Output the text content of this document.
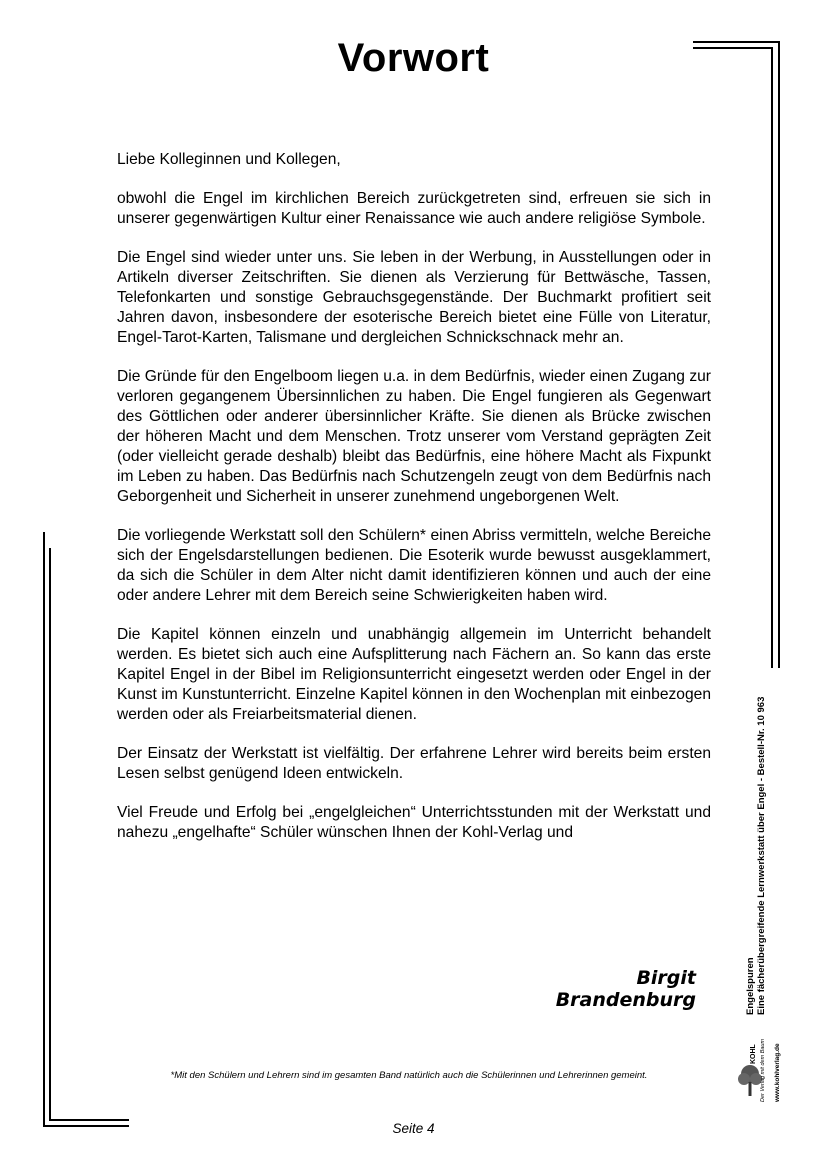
Vorwort

Liebe Kolleginnen und Kollegen,

obwohl die Engel im kirchlichen Bereich zurückgetreten sind, erfreuen sie sich in unserer gegenwärtigen Kultur einer Renaissance wie auch andere religiöse Symbole.

Die Engel sind wieder unter uns. Sie leben in der Werbung, in Ausstellungen oder in Artikeln diverser Zeitschriften. Sie dienen als Verzierung für Bettwäsche, Tassen, Telefonkarten und sonstige Gebrauchsgegenstände. Der Buchmarkt profitiert seit Jahren davon, insbesondere der esoterische Bereich bietet eine Fülle von Literatur, Engel-Tarot-Karten, Talismane und dergleichen Schnickschnack mehr an.

Die Gründe für den Engelboom liegen u.a. in dem Bedürfnis, wieder einen Zugang zur verloren gegangenem Übersinnlichen zu haben. Die Engel fungieren als Gegenwart des Göttlichen oder anderer übersinnlicher Kräfte. Sie dienen als Brücke zwischen der höheren Macht und dem Menschen. Trotz unserer vom Verstand geprägten Zeit (oder vielleicht gerade deshalb) bleibt das Bedürfnis, eine höhere Macht als Fixpunkt im Leben zu haben. Das Bedürfnis nach Schutzengeln zeugt von dem Bedürfnis nach Geborgenheit und Sicherheit in unserer zunehmend ungeborgenen Welt.

Die vorliegende Werkstatt soll den Schülern* einen Abriss vermitteln, welche Bereiche sich der Engelsdarstellungen bedienen. Die Esoterik wurde bewusst ausgeklammert, da sich die Schüler in dem Alter nicht damit identifizieren können und auch der eine oder andere Lehrer mit dem Bereich seine Schwierigkeiten haben wird.

Die Kapitel können einzeln und unabhängig allgemein im Unterricht behandelt werden. Es bietet sich auch eine Aufsplitterung nach Fächern an. So kann das erste Kapitel Engel in der Bibel im Religionsunterricht eingesetzt werden oder Engel in der Kunst im Kunstunterricht. Einzelne Kapitel können in den Wochenplan mit einbezogen werden oder als Freiarbeitsmaterial dienen.

Der Einsatz der Werkstatt ist vielfältig. Der erfahrene Lehrer wird bereits beim ersten Lesen selbst genügend Ideen entwickeln.

Viel Freude und Erfolg bei „engelgleichen“ Unterrichtsstunden mit der Werkstatt und nahezu „engelhafte“ Schüler wünschen Ihnen der Kohl-Verlag und

Birgit Brandenburg
*Mit den Schülern und Lehrern sind im gesamten Band natürlich auch die Schülerinnen und Lehrerinnen gemeint.
Seite 4
Engelspuren Eine fächerübergreifende Lernwerkstatt über Engel - Bestell-Nr. 10 963
KOHL Der Verlag mit dem Baum www.kohlverlag.de
